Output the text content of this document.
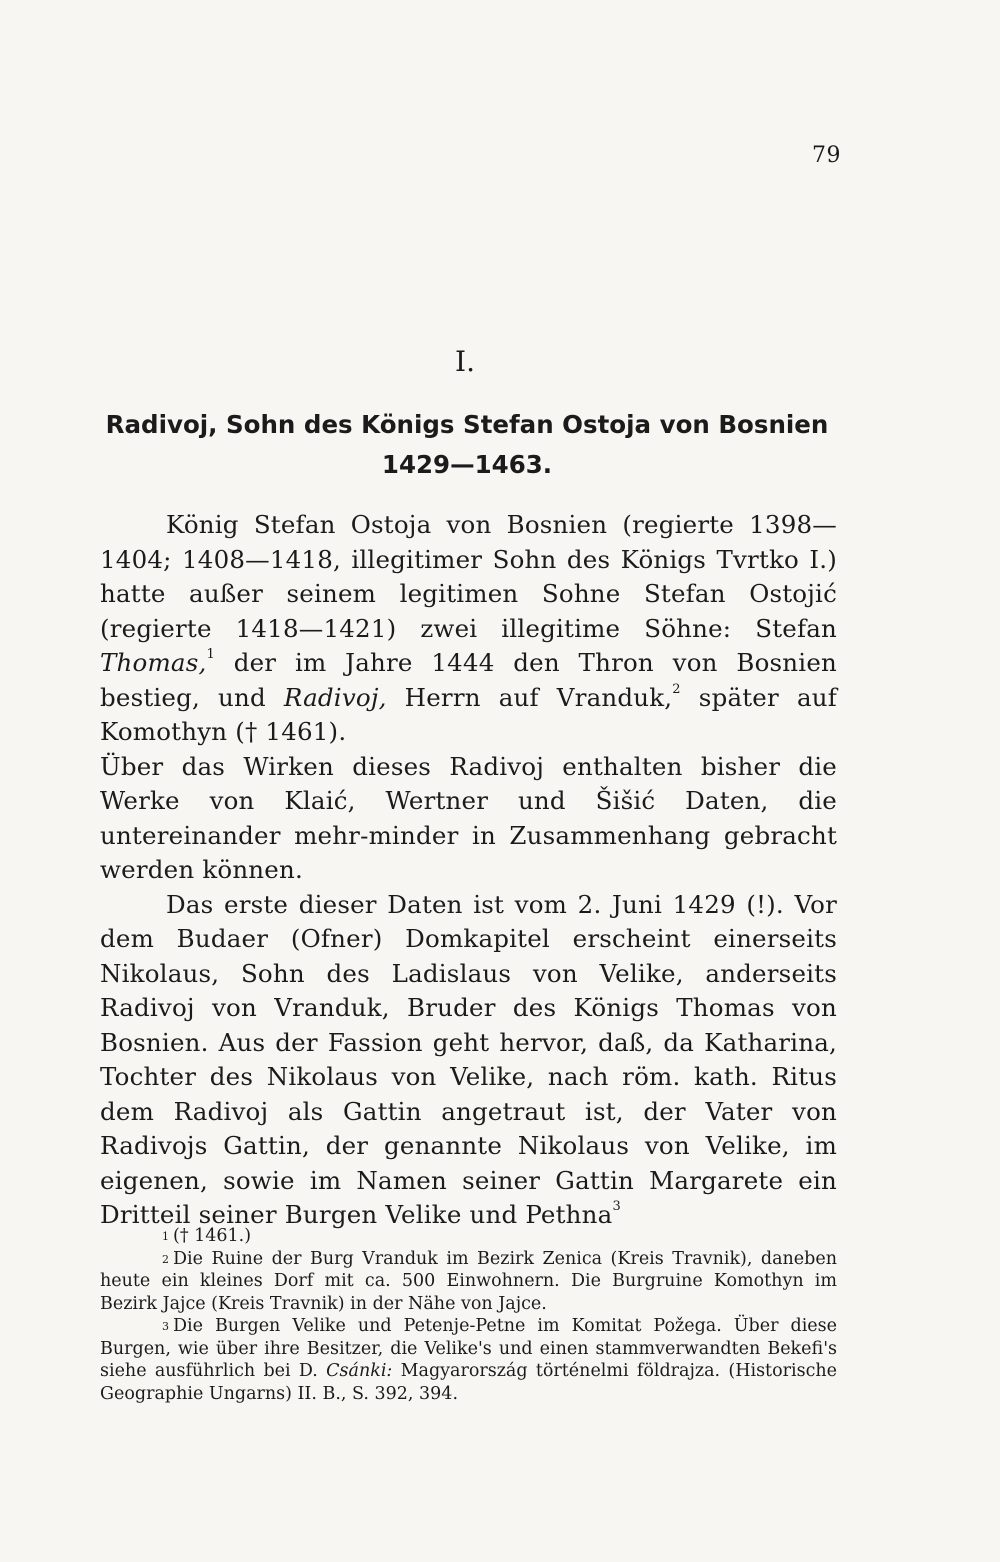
79
I.
Radivoj, Sohn des Königs Stefan Ostoja von Bosnien
1429—1463.

König Stefan Ostoja von Bosnien (regierte 1398—1404; 1408—1418, illegitimer Sohn des Königs Tvrtko I.) hatte außer seinem legitimen Sohne Stefan Ostojić (regierte 1418—1421) zwei illegitime Söhne: Stefan Thomas,$^1$ der im Jahre 1444 den Thron von Bosnien bestieg, und Radivoj, Herrn auf Vranduk,$^2$ später auf Komothyn († 1461).

Über das Wirken dieses Radivoj enthalten bisher die Werke von Klaić, Wertner und Šišić Daten, die untereinander mehr-minder in Zusammenhang gebracht werden können.

Das erste dieser Daten ist vom 2. Juni 1429 (!). Vor dem Budaer (Ofner) Domkapitel erscheint einerseits Nikolaus, Sohn des Ladislaus von Velike, anderseits Radivoj von Vranduk, Bruder des Königs Thomas von Bosnien. Aus der Fassion geht hervor, daß, da Katharina, Tochter des Nikolaus von Velike, nach röm. kath. Ritus dem Radivoj als Gattin angetraut ist, der Vater von Radivojs Gattin, der genannte Nikolaus von Velike, im eigenen, sowie im Namen seiner Gattin Margarete ein Dritteil seiner Burgen Velike und Pethna$^3$

$^1$ († 1461.)

$^2$ Die Ruine der Burg Vranduk im Bezirk Zenica (Kreis Travnik), daneben heute ein kleines Dorf mit ca. 500 Einwohnern. Die Burgruine Komothyn im Bezirk Jajce (Kreis Travnik) in der Nähe von Jajce.

$^3$ Die Burgen Velike und Petenje-Petne im Komitat Požega. Über diese Burgen, wie über ihre Besitzer, die Velike's und einen stammverwandten Bekefi's siehe ausführlich bei D. Csánki: Magyarország történelmi földrajza. (Historische Geographie Ungarns) II. B., S. 392, 394.
